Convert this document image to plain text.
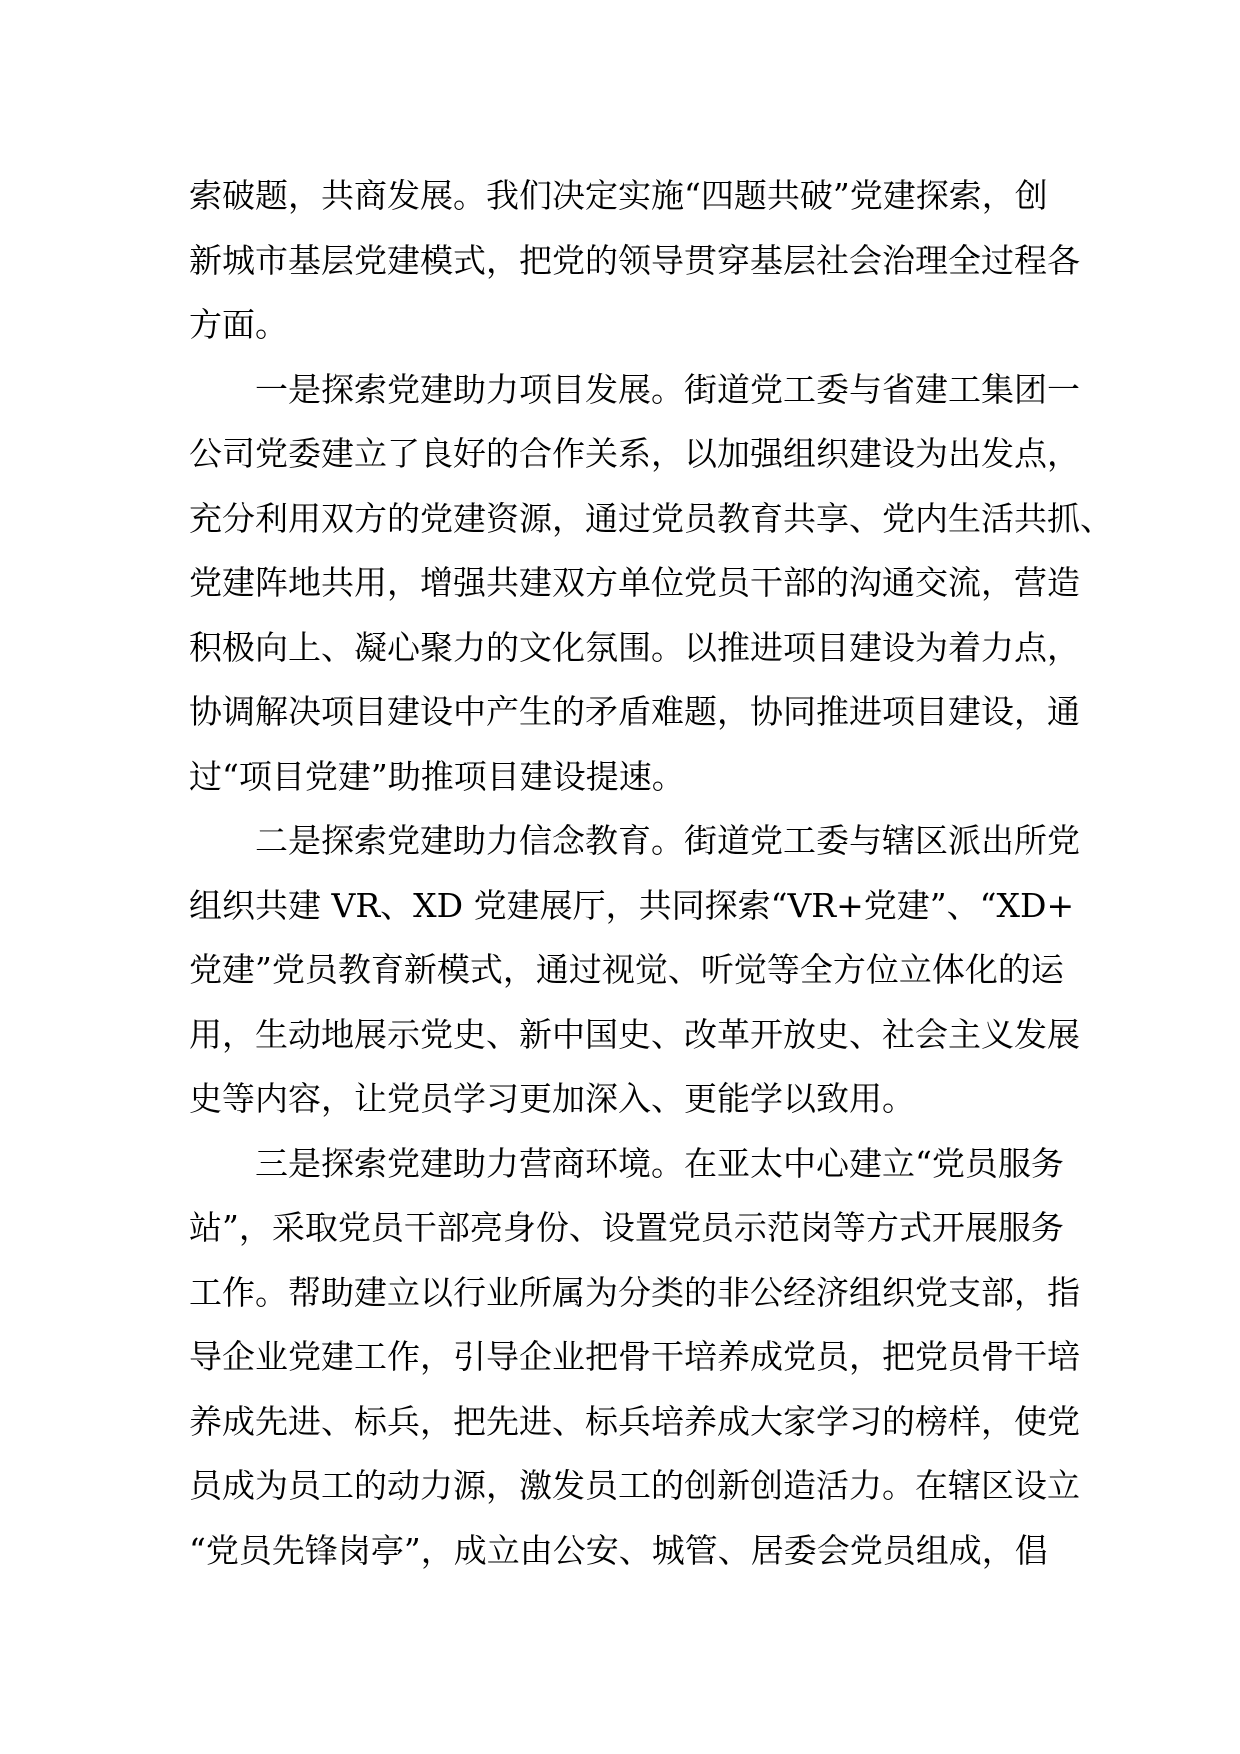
索破题，共商发展。我们决定实施“四题共破”党建探索，创
新城市基层党建模式，把党的领导贯穿基层社会治理全过程各
方面。
　　一是探索党建助力项目发展。街道党工委与省建工集团一
公司党委建立了良好的合作关系，以加强组织建设为出发点，
充分利用双方的党建资源，通过党员教育共享、党内生活共抓、
党建阵地共用，增强共建双方单位党员干部的沟通交流，营造
积极向上、凝心聚力的文化氛围。以推进项目建设为着力点，
协调解决项目建设中产生的矛盾难题，协同推进项目建设，通
过“项目党建”助推项目建设提速。
　　二是探索党建助力信念教育。街道党工委与辖区派出所党
组织共建 VR、XD 党建展厅，共同探索“VR+党建”、“XD+
党建”党员教育新模式，通过视觉、听觉等全方位立体化的运
用，生动地展示党史、新中国史、改革开放史、社会主义发展
史等内容，让党员学习更加深入、更能学以致用。
　　三是探索党建助力营商环境。在亚太中心建立“党员服务
站”，采取党员干部亮身份、设置党员示范岗等方式开展服务
工作。帮助建立以行业所属为分类的非公经济组织党支部，指
导企业党建工作，引导企业把骨干培养成党员，把党员骨干培
养成先进、标兵，把先进、标兵培养成大家学习的榜样，使党
员成为员工的动力源，激发员工的创新创造活力。在辖区设立
“党员先锋岗亭”，成立由公安、城管、居委会党员组成，倡
